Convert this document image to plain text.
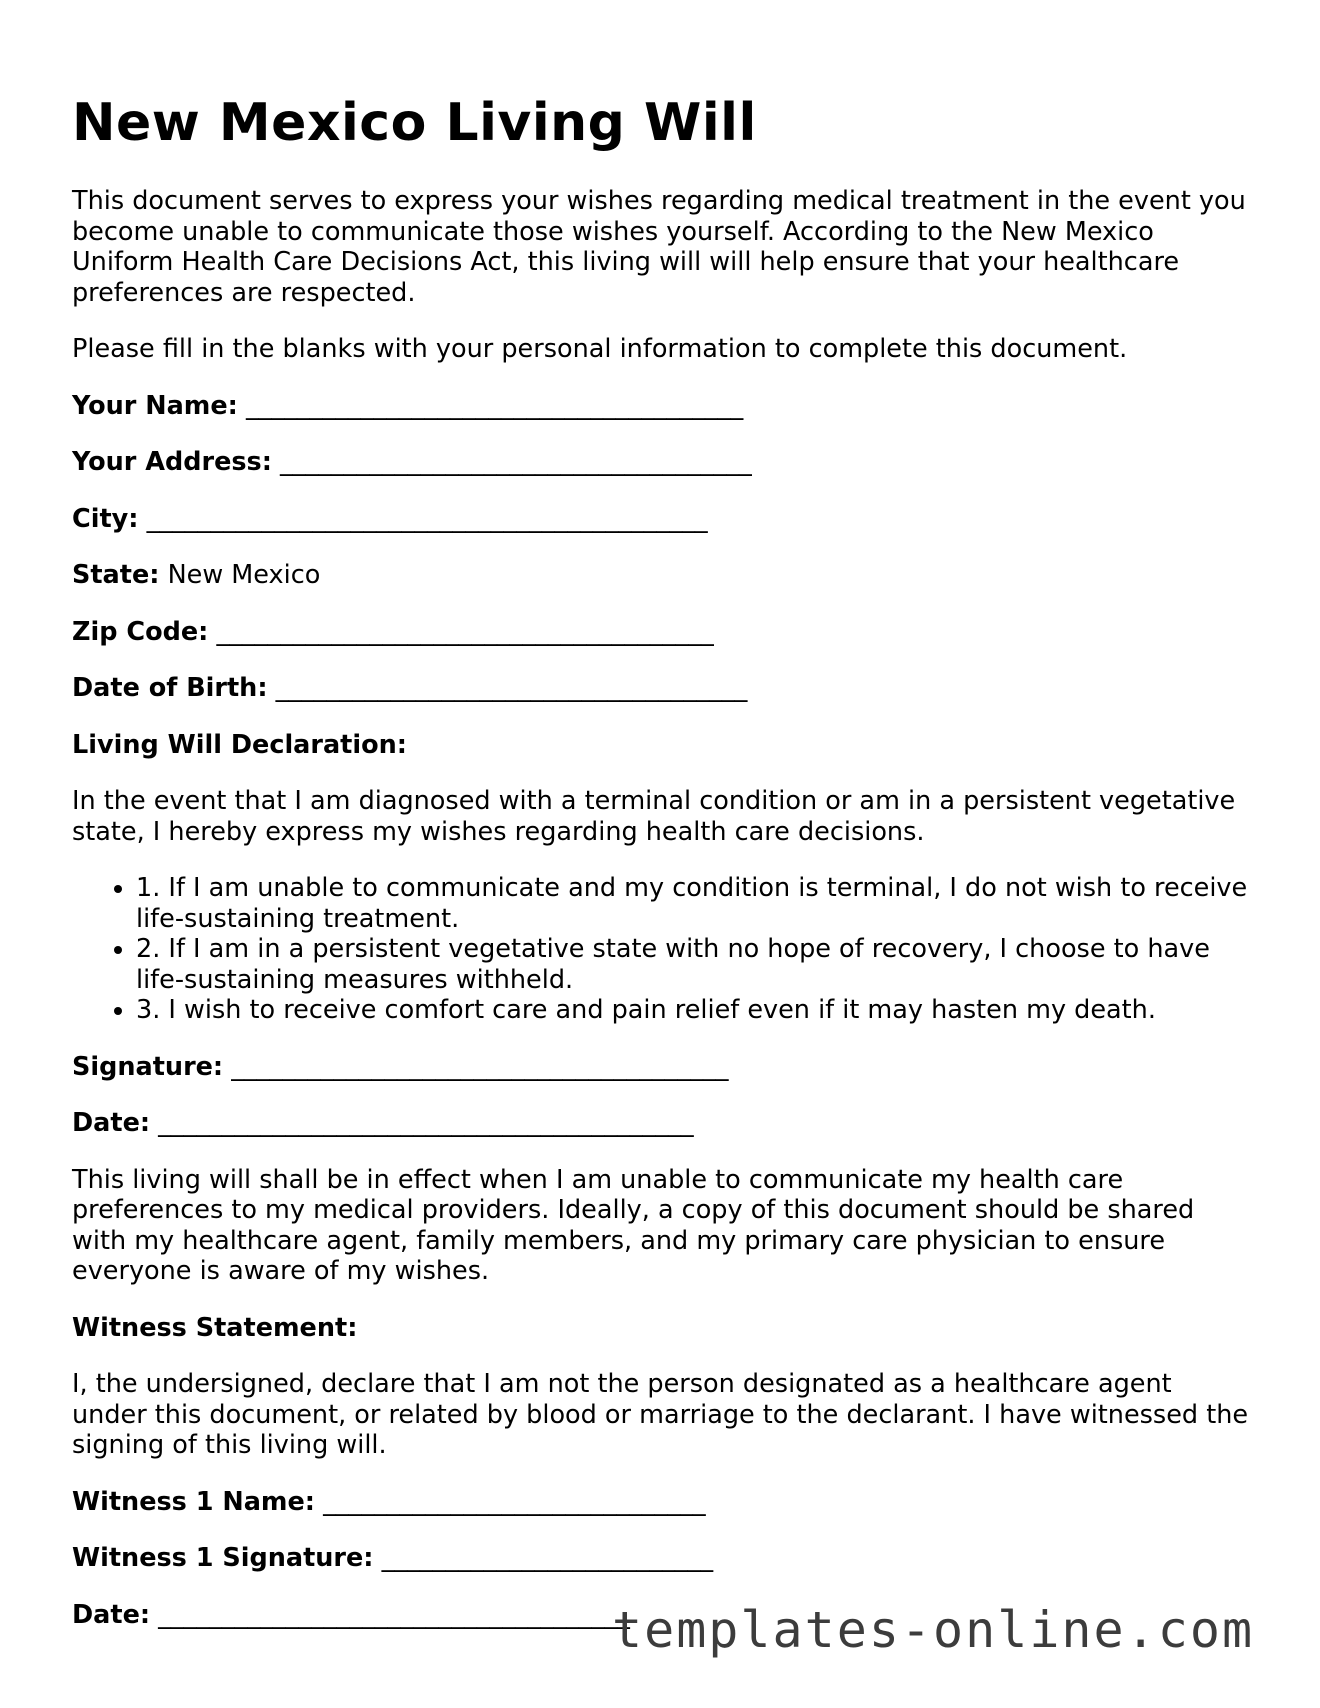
New Mexico Living Will

This document serves to express your wishes regarding medical treatment in the event you become unable to communicate those wishes yourself. According to the New Mexico Uniform Health Care Decisions Act, this living will will help ensure that your healthcare preferences are respected.

Please fill in the blanks with your personal information to complete this document.

Your Name: _______________________________________
Your Address: _____________________________________
City: ____________________________________________
State: New Mexico
Zip Code: _______________________________________
Date of Birth: _____________________________________
Living Will Declaration:

In the event that I am diagnosed with a terminal condition or am in a persistent vegetative state, I hereby express my wishes regarding health care decisions.

• 1. If I am unable to communicate and my condition is terminal, I do not wish to receive life-sustaining treatment.
• 2. If I am in a persistent vegetative state with no hope of recovery, I choose to have life-sustaining measures withheld.
• 3. I wish to receive comfort care and pain relief even if it may hasten my death.
Signature: _______________________________________
Date: __________________________________________

This living will shall be in effect when I am unable to communicate my health care preferences to my medical providers. Ideally, a copy of this document should be shared with my healthcare agent, family members, and my primary care physician to ensure everyone is aware of my wishes.

Witness Statement:

I, the undersigned, declare that I am not the person designated as a healthcare agent under this document, or related by blood or marriage to the declarant. I have witnessed the signing of this living will.

Witness 1 Name: ______________________________
Witness 1 Signature: __________________________
Date: _____________________________________
templates-online.com
